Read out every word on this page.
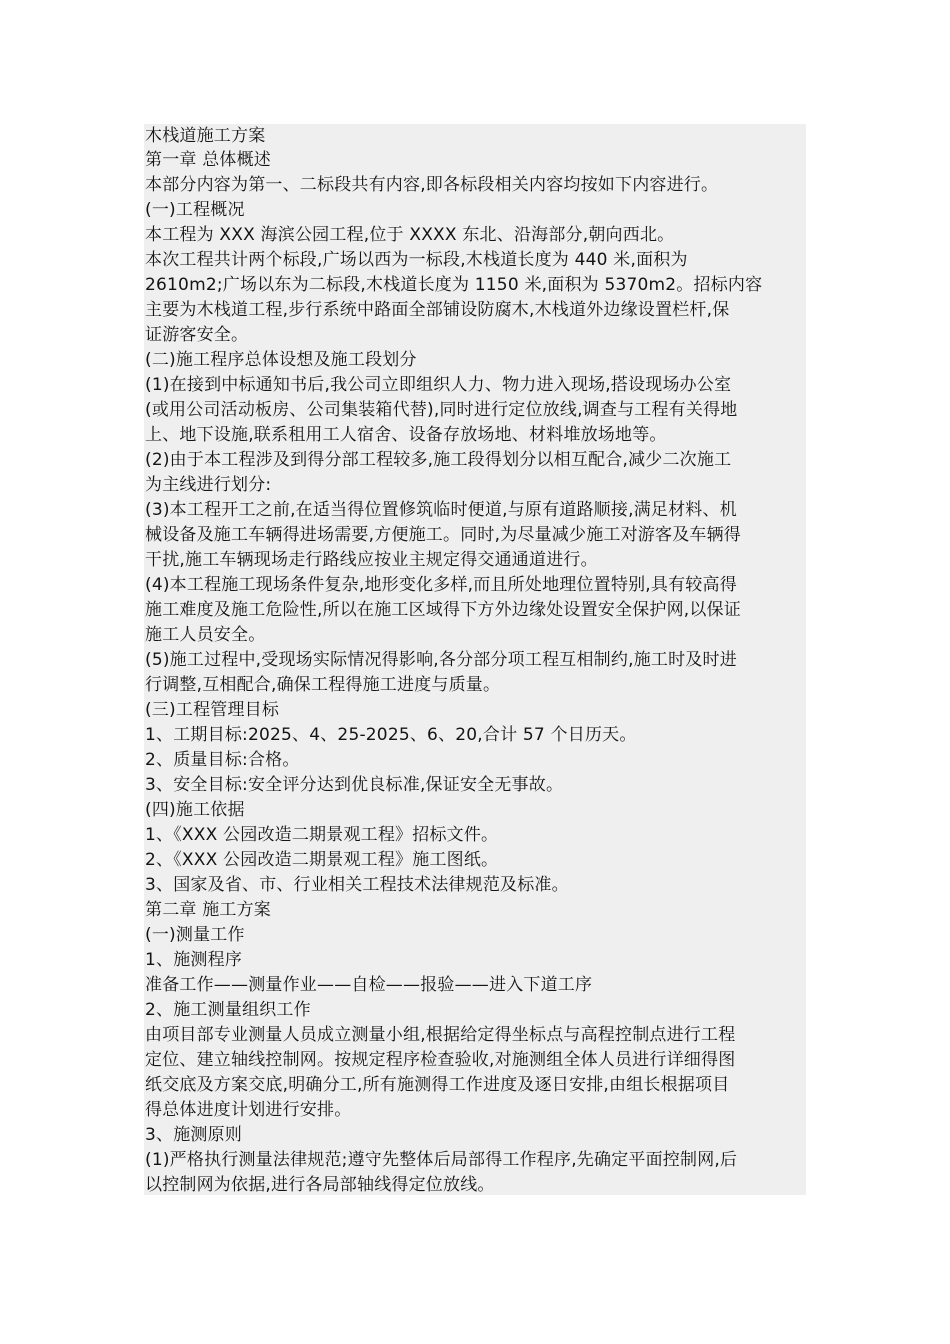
木栈道施工方案
第一章 总体概述
本部分内容为第一、二标段共有内容,即各标段相关内容均按如下内容进行。
(一)工程概况
本工程为 XXX 海滨公园工程,位于 XXXX 东北、沿海部分,朝向西北。
本次工程共计两个标段,广场以西为一标段,木栈道长度为 440 米,面积为
2610m2;广场以东为二标段,木栈道长度为 1150 米,面积为 5370m2。招标内容
主要为木栈道工程,步行系统中路面全部铺设防腐木,木栈道外边缘设置栏杆,保
证游客安全。
(二)施工程序总体设想及施工段划分
(1)在接到中标通知书后,我公司立即组织人力、物力进入现场,搭设现场办公室
(或用公司活动板房、公司集装箱代替),同时进行定位放线,调查与工程有关得地
上、地下设施,联系租用工人宿舍、设备存放场地、材料堆放场地等。
(2)由于本工程涉及到得分部工程较多,施工段得划分以相互配合,减少二次施工
为主线进行划分:
(3)本工程开工之前,在适当得位置修筑临时便道,与原有道路顺接,满足材料、机
械设备及施工车辆得进场需要,方便施工。同时,为尽量减少施工对游客及车辆得
干扰,施工车辆现场走行路线应按业主规定得交通通道进行。
(4)本工程施工现场条件复杂,地形变化多样,而且所处地理位置特别,具有较高得
施工难度及施工危险性,所以在施工区域得下方外边缘处设置安全保护网,以保证
施工人员安全。
(5)施工过程中,受现场实际情况得影响,各分部分项工程互相制约,施工时及时进
行调整,互相配合,确保工程得施工进度与质量。
(三)工程管理目标
1、工期目标:2025、4、25-2025、6、20,合计 57 个日历天。
2、质量目标:合格。
3、安全目标:安全评分达到优良标准,保证安全无事故。
(四)施工依据
1、《XXX 公园改造二期景观工程》招标文件。
2、《XXX 公园改造二期景观工程》施工图纸。
3、国家及省、市、行业相关工程技术法律规范及标准。
第二章 施工方案
(一)测量工作
1、施测程序
准备工作——测量作业——自检——报验——进入下道工序
2、施工测量组织工作
由项目部专业测量人员成立测量小组,根据给定得坐标点与高程控制点进行工程
定位、建立轴线控制网。按规定程序检查验收,对施测组全体人员进行详细得图
纸交底及方案交底,明确分工,所有施测得工作进度及逐日安排,由组长根据项目
得总体进度计划进行安排。
3、施测原则
(1)严格执行测量法律规范;遵守先整体后局部得工作程序,先确定平面控制网,后
以控制网为依据,进行各局部轴线得定位放线。
